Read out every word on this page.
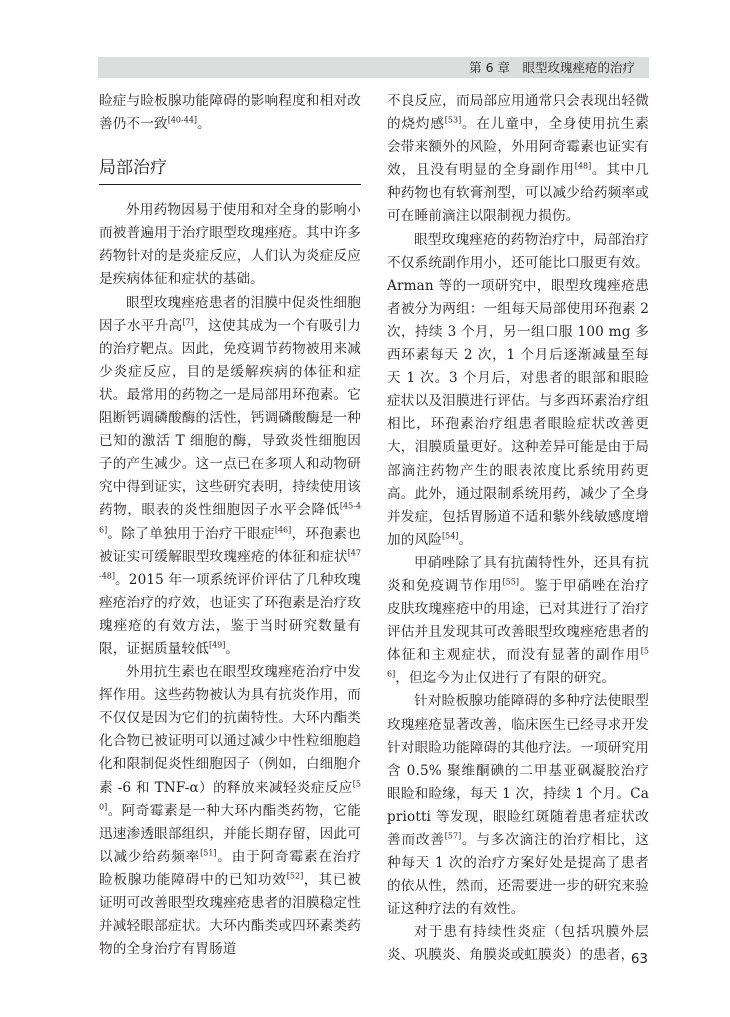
第 6 章　眼型玫瑰痤疮的治疗

睑症与睑板腺功能障碍的影响程度和相对改善仍不一致[40-44]。

局部治疗

外用药物因易于使用和对全身的影响小而被普遍用于治疗眼型玫瑰痤疮。其中许多药物针对的是炎症反应，人们认为炎症反应是疾病体征和症状的基础。

眼型玫瑰痤疮患者的泪膜中促炎性细胞因子水平升高[7]，这使其成为一个有吸引力的治疗靶点。因此，免疫调节药物被用来减少炎症反应，目的是缓解疾病的体征和症状。最常用的药物之一是局部用环孢素。它阻断钙调磷酸酶的活性，钙调磷酸酶是一种已知的激活 T 细胞的酶，导致炎性细胞因子的产生减少。这一点已在多项人和动物研究中得到证实，这些研究表明，持续使用该药物，眼表的炎性细胞因子水平会降低[45-46]。除了单独用于治疗干眼症[46]，环孢素也被证实可缓解眼型玫瑰痤疮的体征和症状[47-48]。2015 年一项系统评价评估了几种玫瑰痤疮治疗的疗效，也证实了环孢素是治疗玫瑰痤疮的有效方法，鉴于当时研究数量有限，证据质量较低[49]。

外用抗生素也在眼型玫瑰痤疮治疗中发挥作用。这些药物被认为具有抗炎作用，而不仅仅是因为它们的抗菌特性。大环内酯类化合物已被证明可以通过减少中性粒细胞趋化和限制促炎性细胞因子（例如，白细胞介素 -6 和 TNF-α）的释放来减轻炎症反应[50]。阿奇霉素是一种大环内酯类药物，它能迅速渗透眼部组织，并能长期存留，因此可以减少给药频率[51]。由于阿奇霉素在治疗睑板腺功能障碍中的已知功效[52]，其已被证明可改善眼型玫瑰痤疮患者的泪膜稳定性并减轻眼部症状。大环内酯类或四环素类药物的全身治疗有胃肠道

不良反应，而局部应用通常只会表现出轻微的烧灼感[53]。在儿童中，全身使用抗生素会带来额外的风险，外用阿奇霉素也证实有效，且没有明显的全身副作用[48]。其中几种药物也有软膏剂型，可以减少给药频率或可在睡前滴注以限制视力损伤。

眼型玫瑰痤疮的药物治疗中，局部治疗不仅系统副作用小，还可能比口服更有效。Arman 等的一项研究中，眼型玫瑰痤疮患者被分为两组：一组每天局部使用环孢素 2 次，持续 3 个月，另一组口服 100 mg 多西环素每天 2 次，1 个月后逐渐减量至每天 1 次。3 个月后，对患者的眼部和眼睑症状以及泪膜进行评估。与多西环素治疗组相比，环孢素治疗组患者眼睑症状改善更大，泪膜质量更好。这种差异可能是由于局部滴注药物产生的眼表浓度比系统用药更高。此外，通过限制系统用药，减少了全身并发症，包括胃肠道不适和紫外线敏感度增加的风险[54]。

甲硝唑除了具有抗菌特性外，还具有抗炎和免疫调节作用[55]。鉴于甲硝唑在治疗皮肤玫瑰痤疮中的用途，已对其进行了治疗评估并且发现其可改善眼型玫瑰痤疮患者的体征和主观症状，而没有显著的副作用[56]，但迄今为止仅进行了有限的研究。

针对睑板腺功能障碍的多种疗法使眼型玫瑰痤疮显著改善，临床医生已经寻求开发针对眼睑功能障碍的其他疗法。一项研究用含 0.5% 聚维酮碘的二甲基亚砜凝胶治疗眼睑和睑缘，每天 1 次，持续 1 个月。Capriotti 等发现，眼睑红斑随着患者症状改善而改善[57]。与多次滴注的治疗相比，这种每天 1 次的治疗方案好处是提高了患者的依从性，然而，还需要进一步的研究来验证这种疗法的有效性。

对于患有持续性炎症（包括巩膜外层炎、巩膜炎、角膜炎或虹膜炎）的患者，

63
